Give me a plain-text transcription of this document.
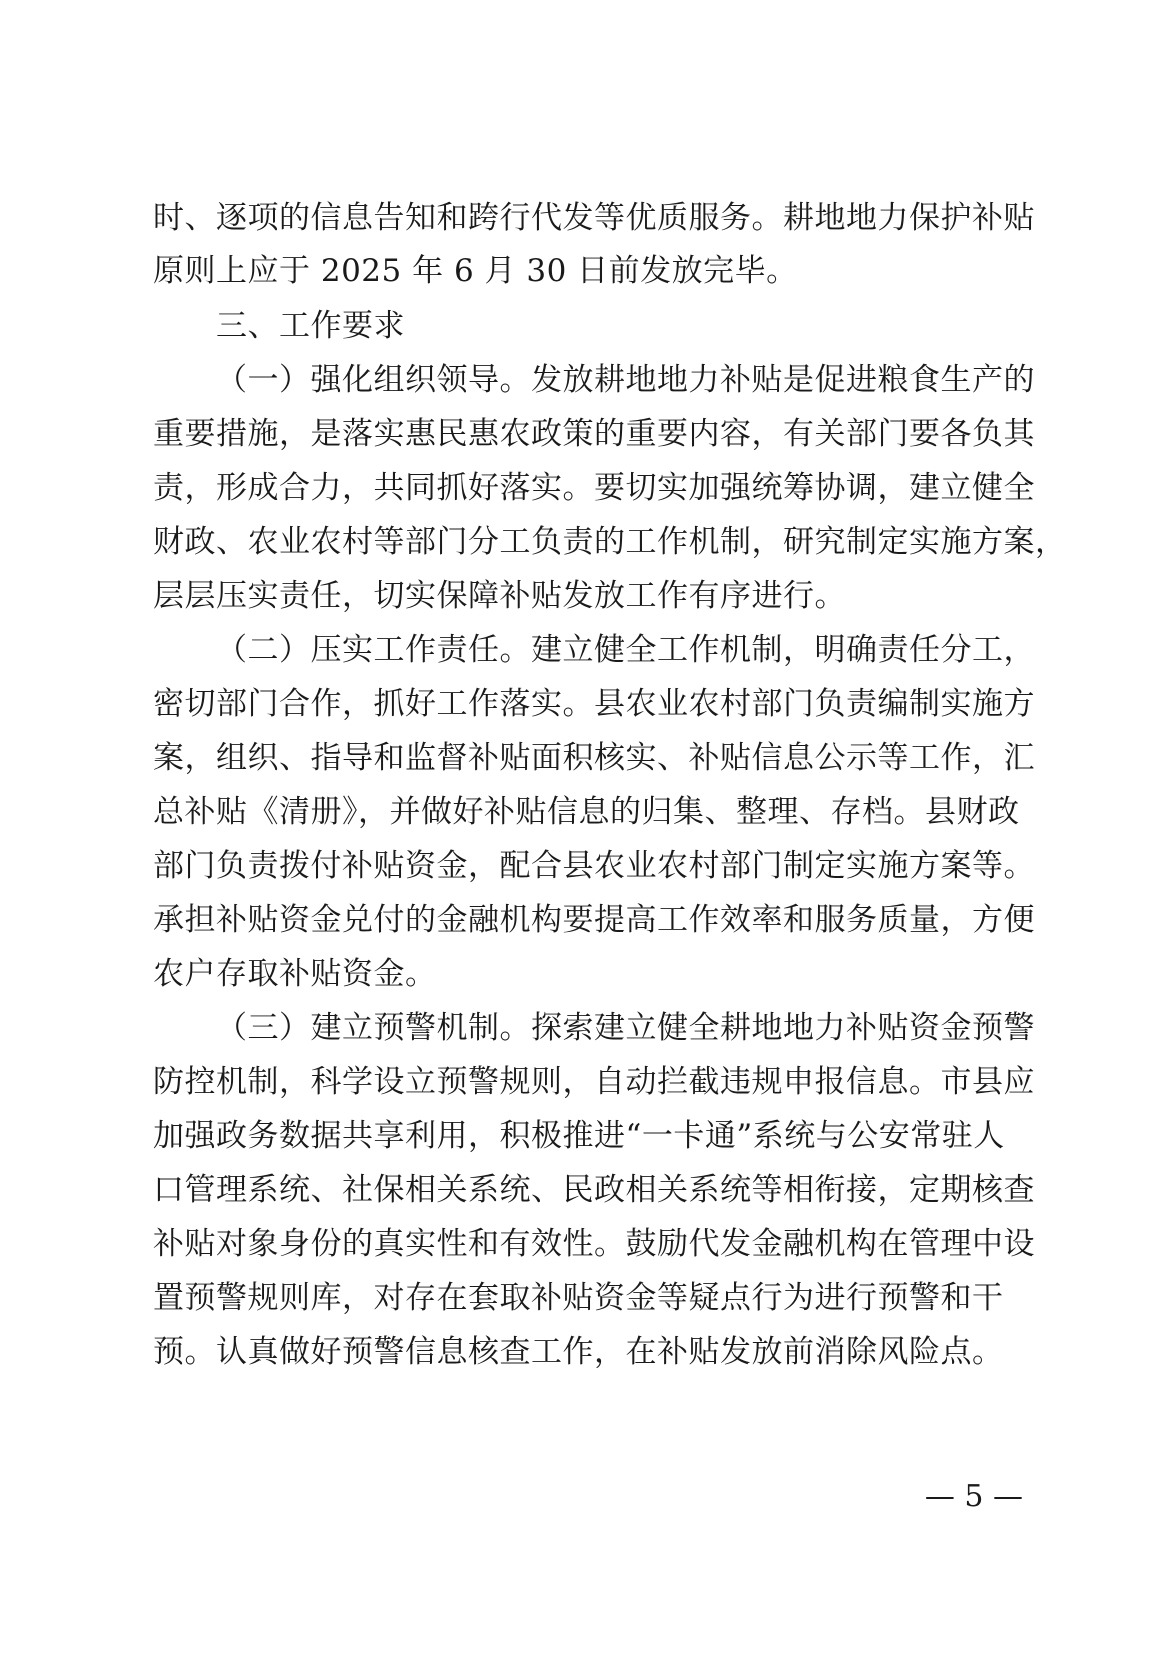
时、逐项的信息告知和跨行代发等优质服务。耕地地力保护补贴
原则上应于 2025 年 6 月 30 日前发放完毕。
三、工作要求
（一）强化组织领导。发放耕地地力补贴是促进粮食生产的
重要措施，是落实惠民惠农政策的重要内容，有关部门要各负其
责，形成合力，共同抓好落实。要切实加强统筹协调，建立健全
财政、农业农村等部门分工负责的工作机制，研究制定实施方案，
层层压实责任，切实保障补贴发放工作有序进行。
（二）压实工作责任。建立健全工作机制，明确责任分工，
密切部门合作，抓好工作落实。县农业农村部门负责编制实施方
案，组织、指导和监督补贴面积核实、补贴信息公示等工作，汇
总补贴《清册》，并做好补贴信息的归集、整理、存档。县财政
部门负责拨付补贴资金，配合县农业农村部门制定实施方案等。
承担补贴资金兑付的金融机构要提高工作效率和服务质量，方便
农户存取补贴资金。
（三）建立预警机制。探索建立健全耕地地力补贴资金预警
防控机制，科学设立预警规则，自动拦截违规申报信息。市县应
加强政务数据共享利用，积极推进“一卡通”系统与公安常驻人
口管理系统、社保相关系统、民政相关系统等相衔接，定期核查
补贴对象身份的真实性和有效性。鼓励代发金融机构在管理中设
置预警规则库，对存在套取补贴资金等疑点行为进行预警和干
预。认真做好预警信息核查工作，在补贴发放前消除风险点。
— 5 —
